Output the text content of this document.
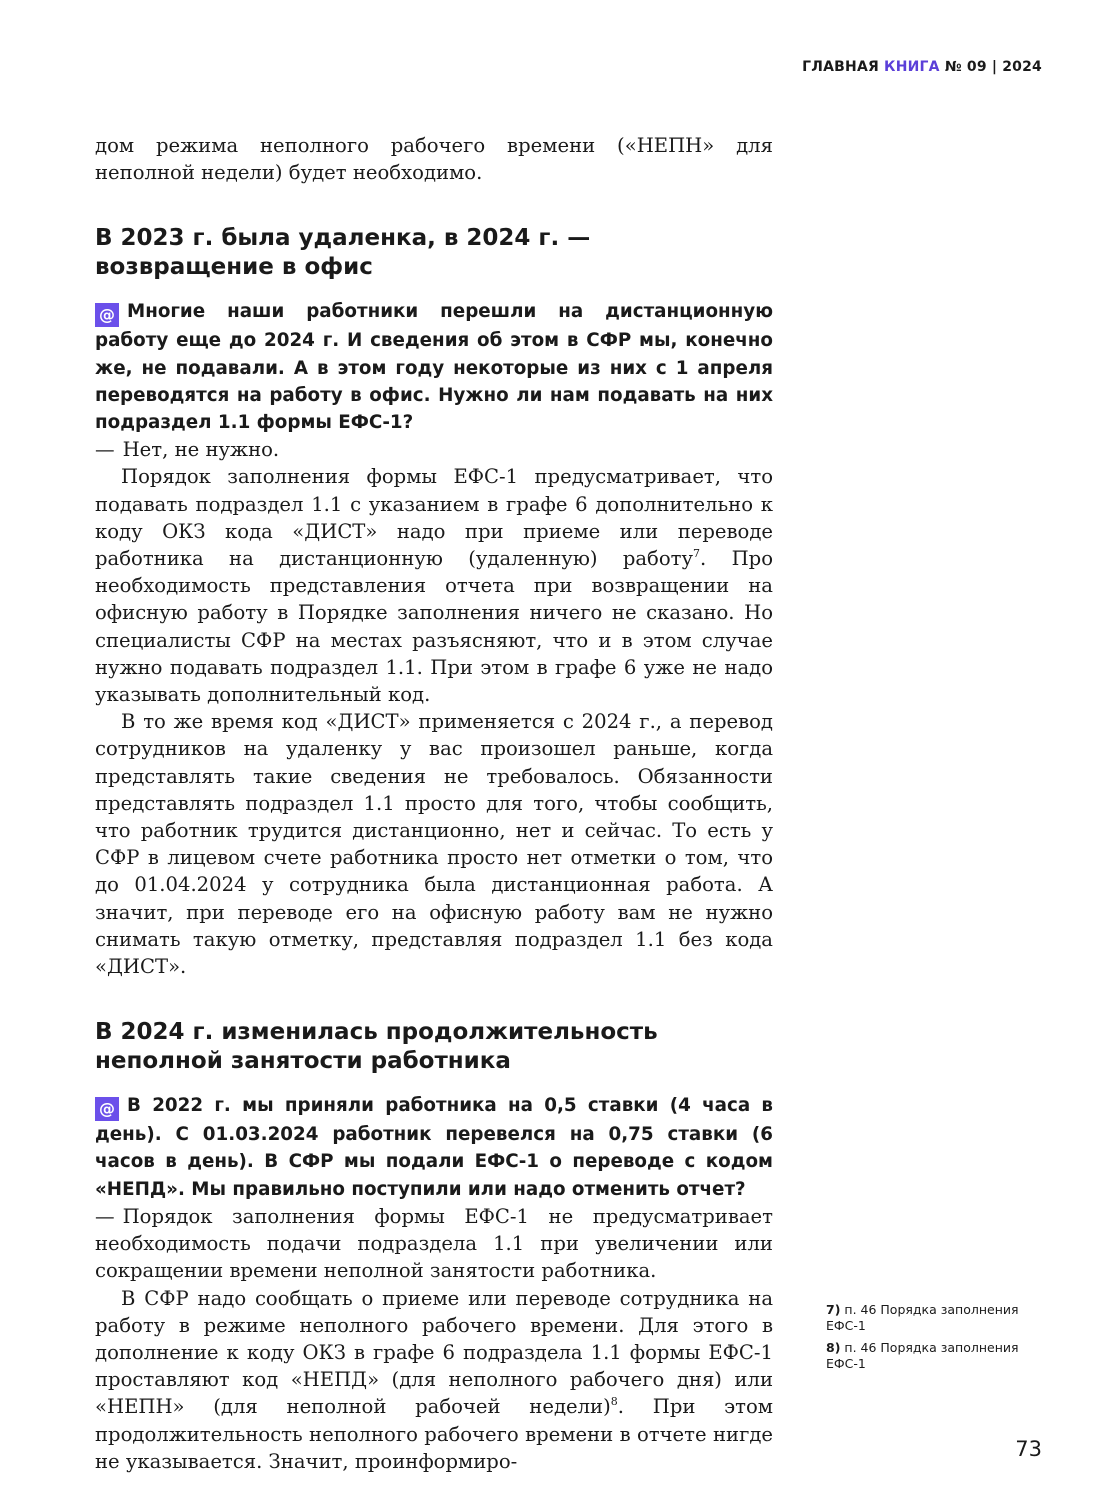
ГЛАВНАЯ КНИГА № 09 | 2024

дом режима неполного рабочего времени («НЕПН» для неполной недели) будет необходимо.

В 2023 г. была удаленка, в 2024 г. —
возвращение в офис
@ Многие наши работники перешли на дистанционную работу еще до 2024 г. И сведения об этом в СФР мы, конечно же, не подавали. А в этом году некоторые из них с 1 апреля переводятся на работу в офис. Нужно ли нам подавать на них подраздел 1.1 формы ЕФС-1?

— Нет, не нужно.

Порядок заполнения формы ЕФС-1 предусматривает, что подавать подраздел 1.1 с указанием в графе 6 дополнительно к коду ОКЗ кода «ДИСТ» надо при приеме или переводе работника на дистанционную (удаленную) работу$^7$. Про необходимость представления отчета при возвращении на офисную работу в Порядке заполнения ничего не сказано. Но специалисты СФР на местах разъясняют, что и в этом случае нужно подавать подраздел 1.1. При этом в графе 6 уже не надо указывать дополнительный код.

В то же время код «ДИСТ» применяется с 2024 г., а перевод сотрудников на удаленку у вас произошел раньше, когда представлять такие сведения не требовалось. Обязанности представлять подраздел 1.1 просто для того, чтобы сообщить, что работник трудится дистанционно, нет и сейчас. То есть у СФР в лицевом счете работника просто нет отметки о том, что до 01.04.2024 у сотрудника была дистанционная работа. А значит, при переводе его на офисную работу вам не нужно снимать такую отметку, представляя подраздел 1.1 без кода «ДИСТ».

В 2024 г. изменилась продолжительность
неполной занятости работника
@ В 2022 г. мы приняли работника на 0,5 ставки (4 часа в день). С 01.03.2024 работник перевелся на 0,75 ставки (6 часов в день). В СФР мы подали ЕФС-1 о переводе с кодом «НЕПД». Мы правильно поступили или надо отменить отчет?

— Порядок заполнения формы ЕФС-1 не предусматривает необходимость подачи подраздела 1.1 при увеличении или сокращении времени неполной занятости работника.

В СФР надо сообщать о приеме или переводе сотрудника на работу в режиме неполного рабочего времени. Для этого в дополнение к коду ОКЗ в графе 6 подраздела 1.1 формы ЕФС-1 проставляют код «НЕПД» (для неполного рабочего дня) или «НЕПН» (для неполной рабочей недели)$^8$. При этом продолжительность неполного рабочего времени в отчете нигде не указывается. Значит, проинформиро-

7) п. 46 Порядка заполнения ЕФС-1
8) п. 46 Порядка заполнения ЕФС-1
73
